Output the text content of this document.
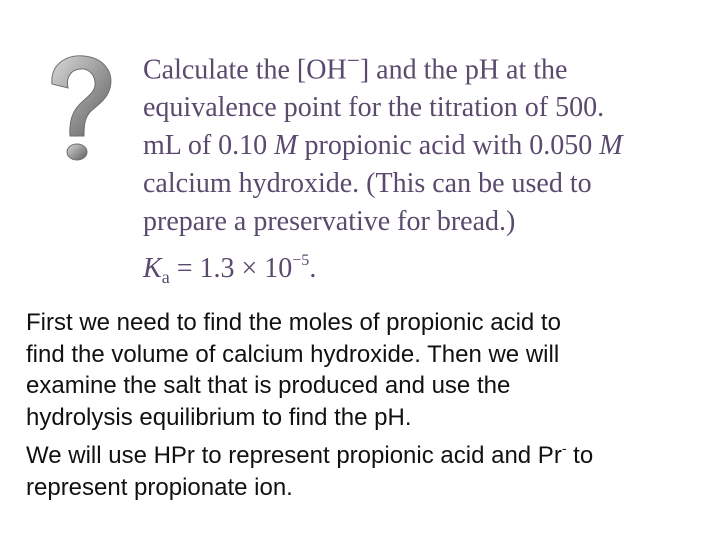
Calculate the [OH−] and the pH at the
equivalence point for the titration of 500.
mL of 0.10 M propionic acid with 0.050 M
calcium hydroxide. (This can be used to
prepare a preservative for bread.)
$K_a = 1.3 \times 10^{-5}$.
First we need to find the moles of propionic acid to
find the volume of calcium hydroxide. Then we will
examine the salt that is produced and use the
hydrolysis equilibrium to find the pH.
We will use HPr to represent propionic acid and Pr- to
represent propionate ion.
